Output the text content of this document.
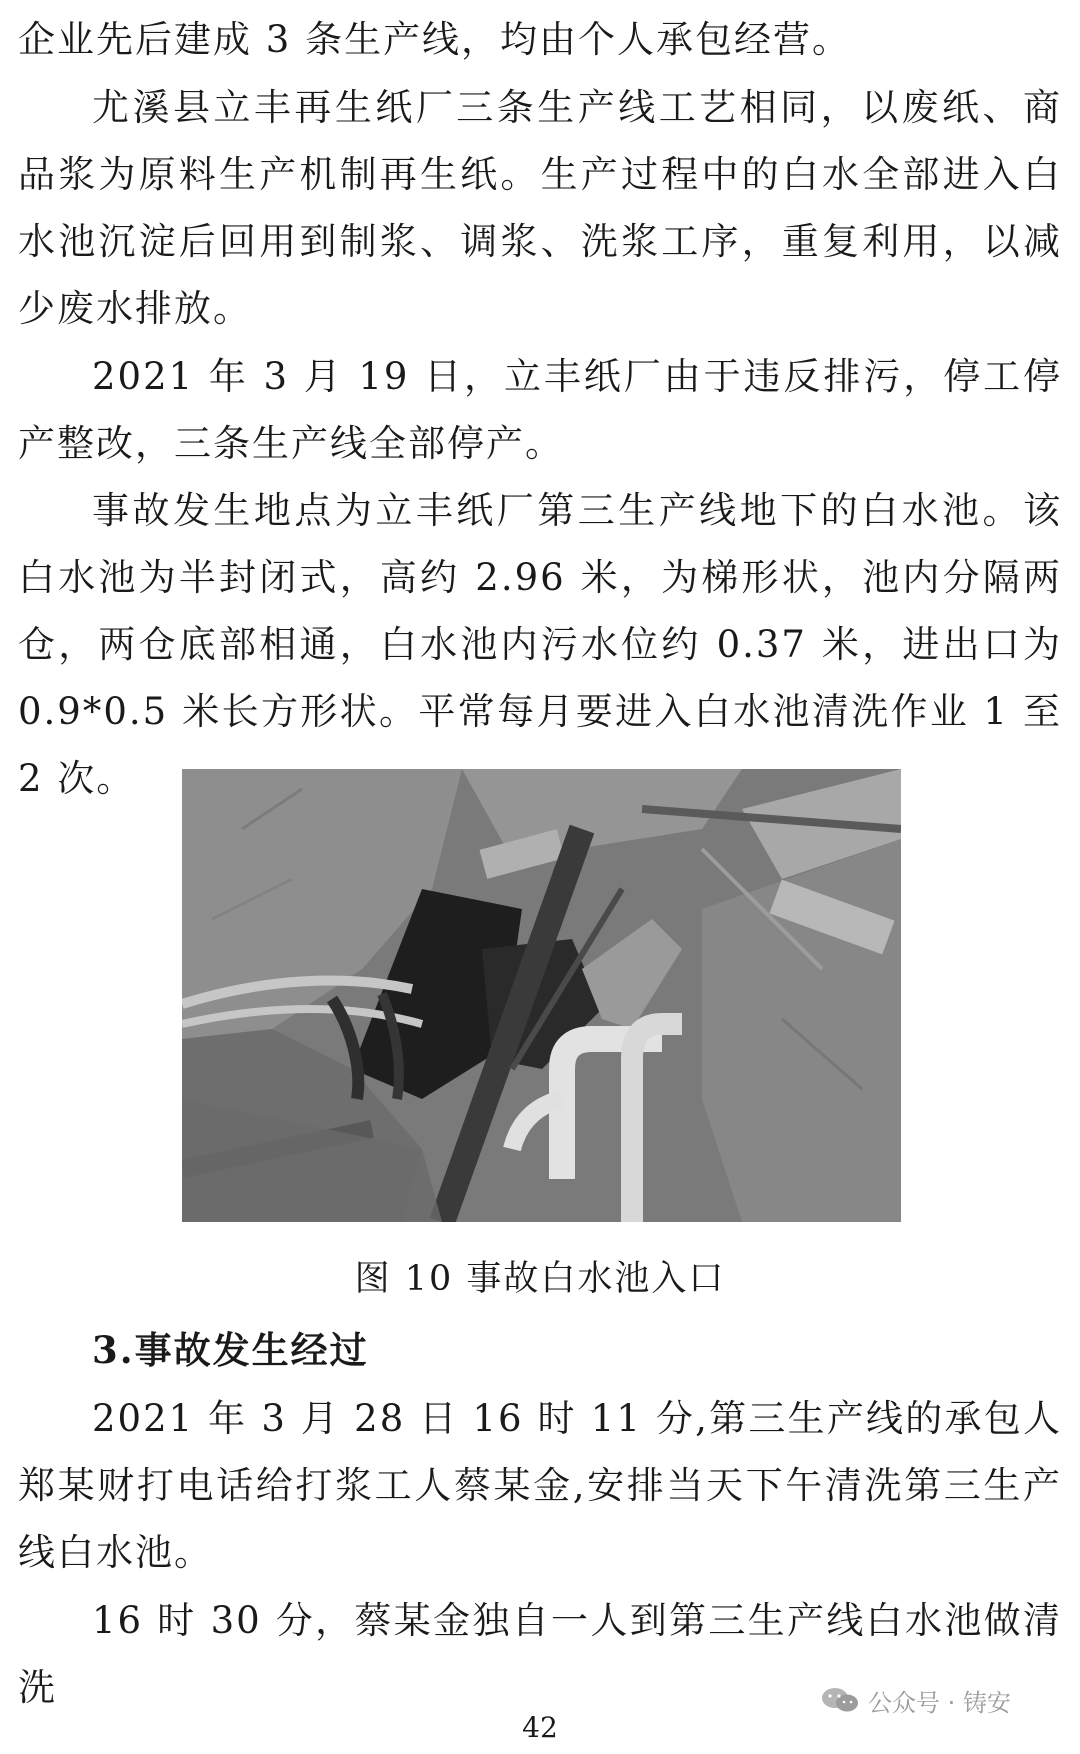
企业先后建成 3 条生产线，均由个人承包经营。

尤溪县立丰再生纸厂三条生产线工艺相同，以废纸、商品浆为原料生产机制再生纸。生产过程中的白水全部进入白水池沉淀后回用到制浆、调浆、洗浆工序，重复利用，以减少废水排放。

2021 年 3 月 19 日，立丰纸厂由于违反排污，停工停产整改，三条生产线全部停产。

事故发生地点为立丰纸厂第三生产线地下的白水池。该白水池为半封闭式，高约 2.96 米，为梯形状，池内分隔两仓，两仓底部相通，白水池内污水位约 0.37 米，进出口为 0.9*0.5 米长方形状。平常每月要进入白水池清洗作业 1 至 2 次。

图 10 事故白水池入口
3.事故发生经过

2021 年 3 月 28 日 16 时 11 分,第三生产线的承包人郑某财打电话给打浆工人蔡某金,安排当天下午清洗第三生产线白水池。

16 时 30 分，蔡某金独自一人到第三生产线白水池做清洗	公众号 · 铸安
42
